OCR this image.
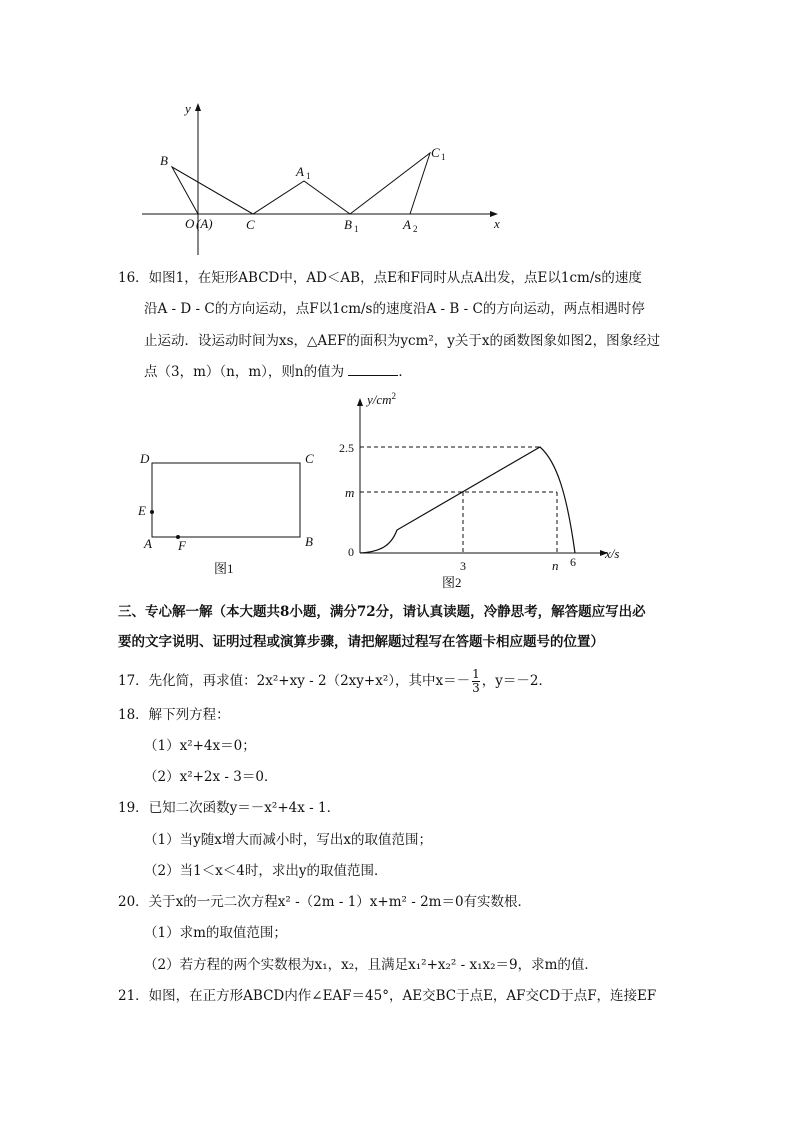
y
x
B
O (A)	C
A 1
B 1	A 2
C 1
16．如图1，在矩形ABCD中，AD＜AB，点E和F同时从点A出发，点E以1cm/s的速度
沿A - D - C的方向运动，点F以1cm/s的速度沿A - B - C的方向运动，两点相遇时停
止运动．设运动时间为xs，△AEF的面积为ycm²，y关于x的函数图象如图2，图象经过
点（3，m）（n，m），则n的值为	．
D	C
E
A F	B
图1
$y/cm^2$
x/s
2.5
m
0
3	n 6
图2
三、专心解一解（本大题共8小题，满分72分，请认真读题，冷静思考，解答题应写出必
要的文字说明、证明过程或演算步骤，请把解题过程写在答题卡相应题号的位置）
17．先化简，再求值：2x²+xy - 2（2xy+x²），其中$x=- \frac{1}{3}$ ，y＝－2．
18．解下列方程：
（1）x²+4x＝0；
（2）x²+2x - 3＝0．
19．已知二次函数y＝－x²+4x - 1．
（1）当y随x增大而减小时，写出x的取值范围；
（2）当1＜x＜4时，求出y的取值范围．
20．关于x的一元二次方程x² -（2m - 1）x+m² - 2m＝0有实数根．
（1）求m的取值范围；
（2）若方程的两个实数根为x₁，x₂，且满足x₁²+x₂² - x₁x₂＝9，求m的值．
21．如图，在正方形ABCD内作∠EAF＝45°，AE交BC于点E，AF交CD于点F，连接EF
